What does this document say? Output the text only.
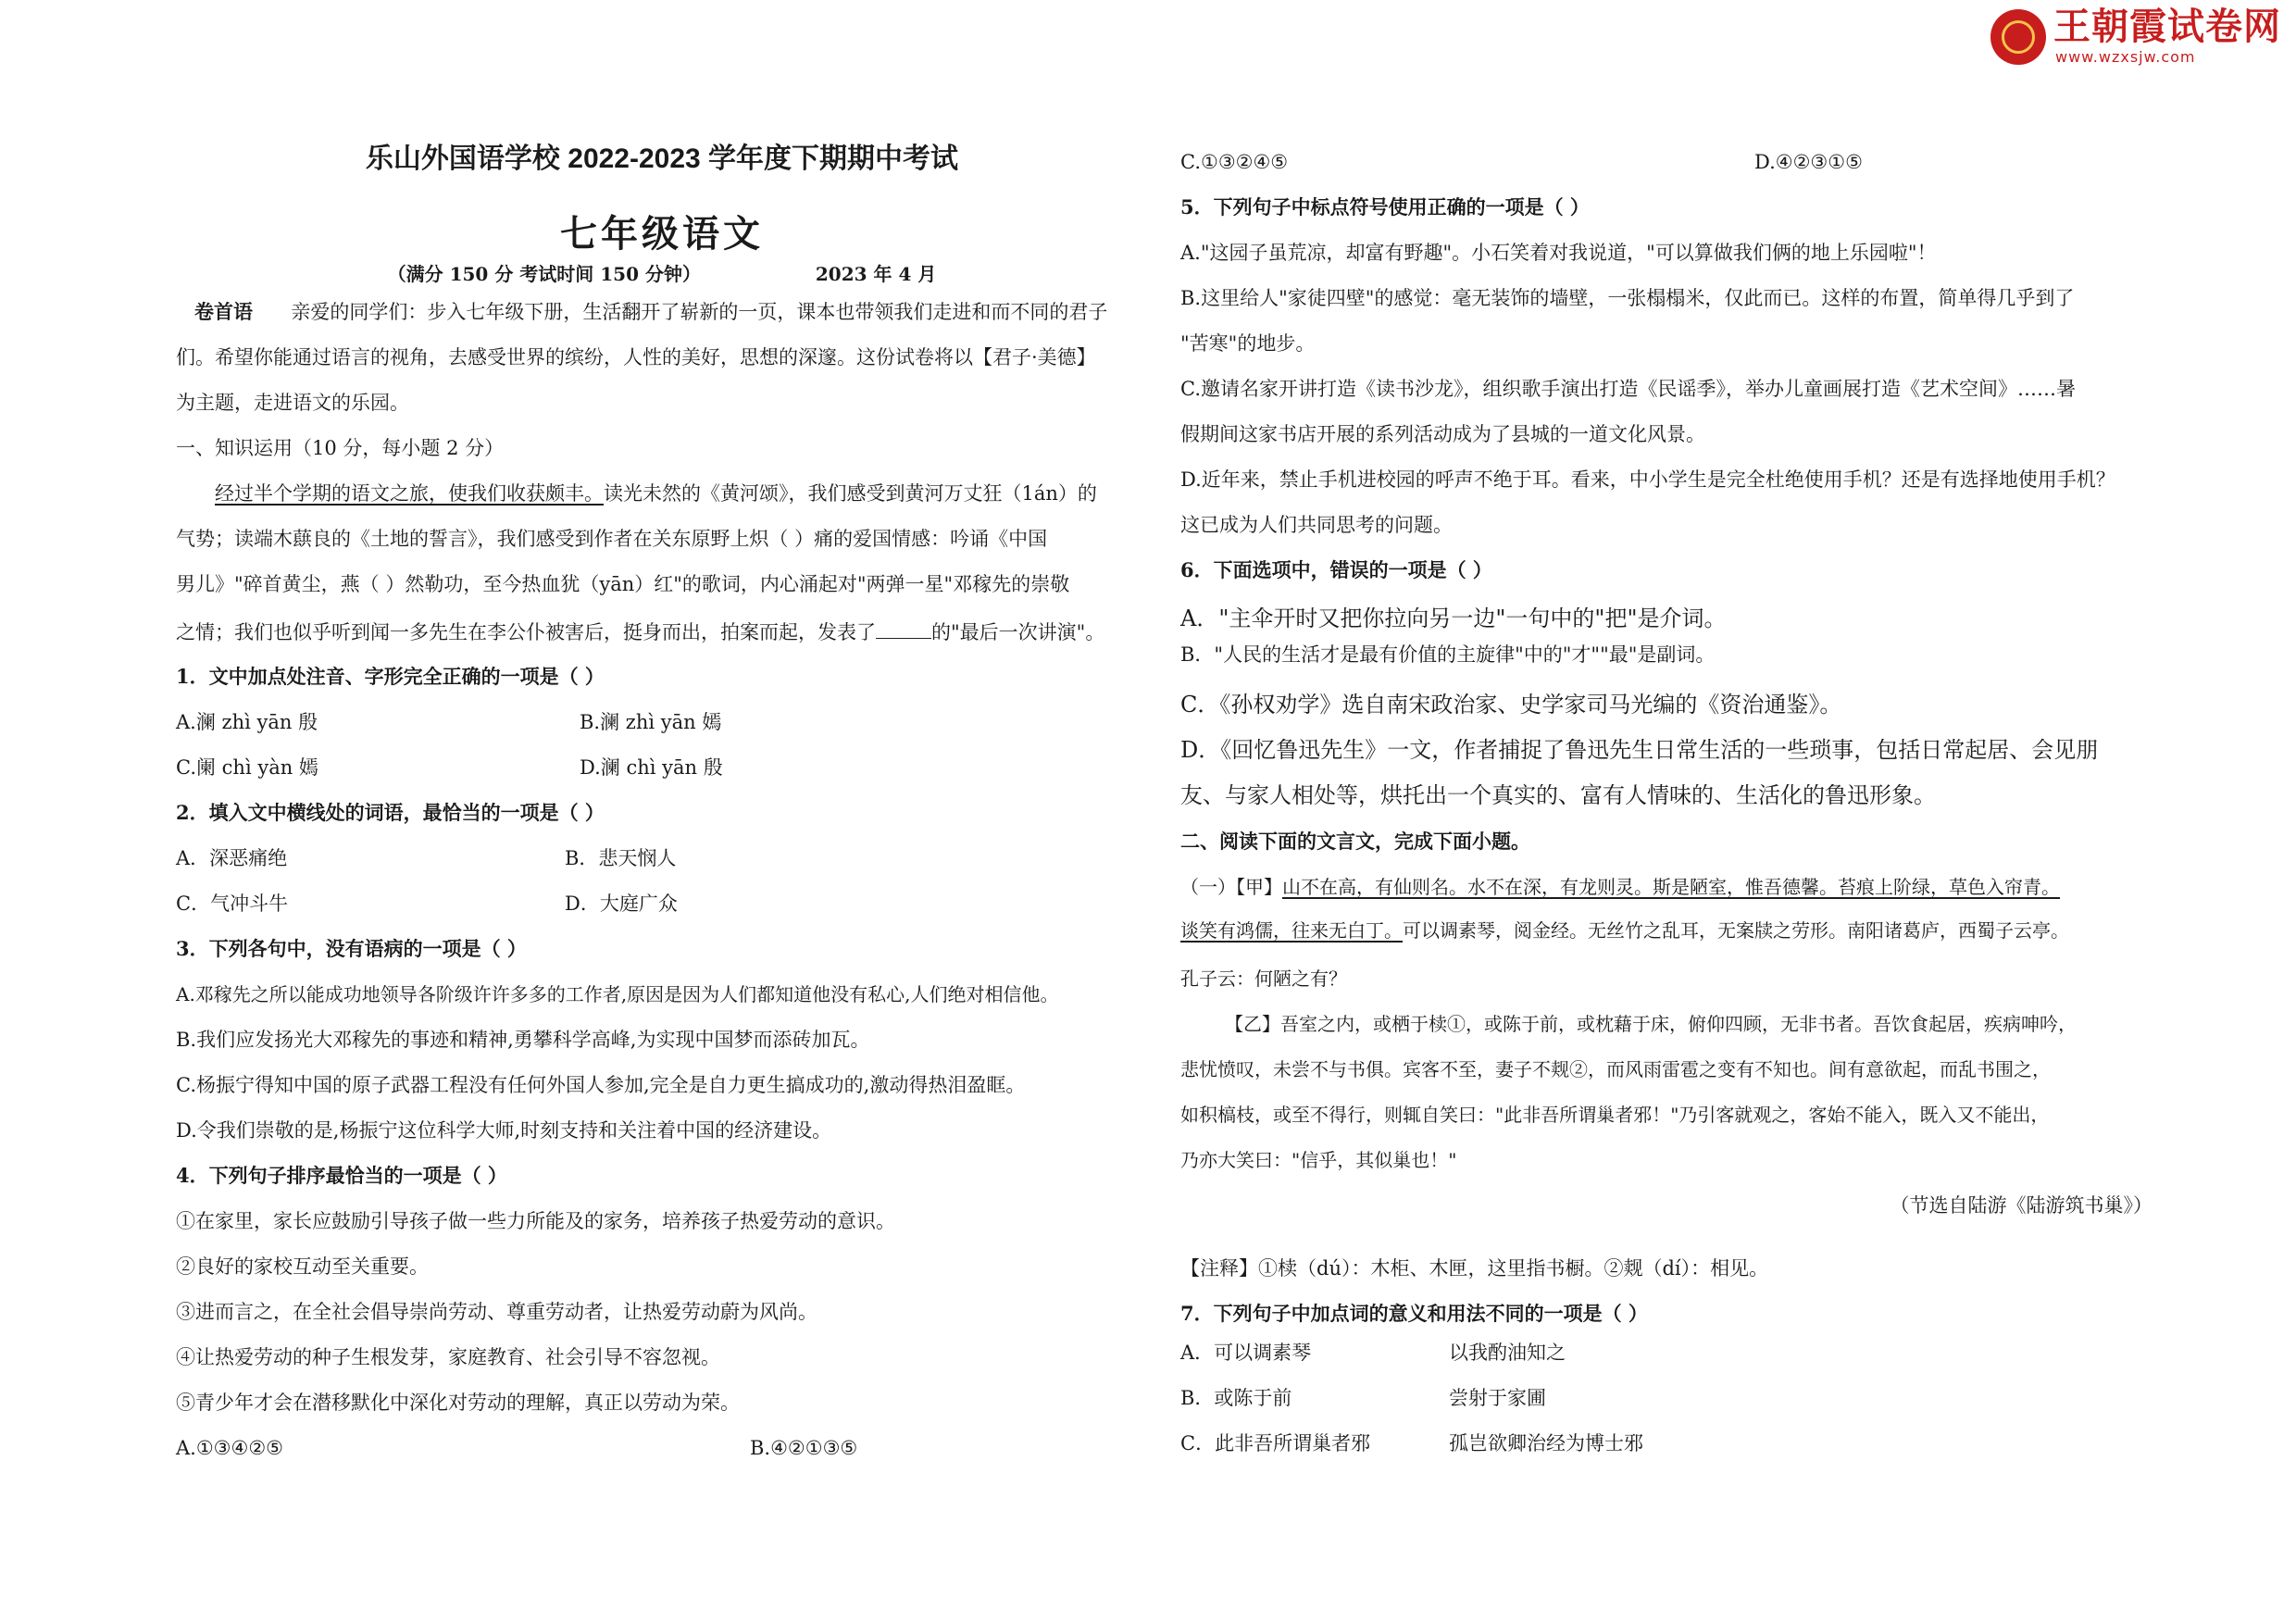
王朝霞试卷网
www.wzxsjw.com
乐山外国语学校 2022-2023 学年度下期期中考试
七年级语文
（满分 150 分 考试时间 150 分钟）	2023 年 4 月
卷首语 亲爱的同学们：步入七年级下册，生活翻开了崭新的一页，课本也带领我们走进和而不同的君子
们。希望你能通过语言的视角，去感受世界的缤纷，人性的美好，思想的深邃。这份试卷将以【君子·美德】
为主题，走进语文的乐园。
一、知识运用（10 分，每小题 2 分）
经过半个学期的语文之旅，使我们收获颇丰。读光未然的《黄河颂》，我们感受到黄河万丈狂（1án）的
气势；读端木蕻良的《土地的誓言》，我们感受到作者在关东原野上炽（ ）痛的爱国情感：吟诵《中国
男儿》"碎首黄尘，燕（ ）然勒功，至今热血犹（yān）红"的歌词，内心涌起对"两弹一星"邓稼先的崇敬
之情；我们也似乎听到闻一多先生在李公仆被害后，挺身而出，拍案而起，发表了	的"最后一次讲演"。
1．文中加点处注音、字形完全正确的一项是（ ）
A.澜 zhì yān 殷	B.澜 zhì yān 嫣
C.阑 chì yàn 嫣	D.澜 chì yān 殷
2．填入文中横线处的词语，最恰当的一项是（ ）
A．深恶痛绝	B．悲天悯人
C．气冲斗牛	D．大庭广众
3．下列各句中，没有语病的一项是（ ）
A.邓稼先之所以能成功地领导各阶级许许多多的工作者,原因是因为人们都知道他没有私心,人们绝对相信他。
B.我们应发扬光大邓稼先的事迹和精神,勇攀科学高峰,为实现中国梦而添砖加瓦。
C.杨振宁得知中国的原子武器工程没有任何外国人参加,完全是自力更生搞成功的,激动得热泪盈眶。
D.令我们崇敬的是,杨振宁这位科学大师,时刻支持和关注着中国的经济建设。
4．下列句子排序最恰当的一项是（ ）
①在家里，家长应鼓励引导孩子做一些力所能及的家务，培养孩子热爱劳动的意识。
②良好的家校互动至关重要。
③进而言之，在全社会倡导崇尚劳动、尊重劳动者，让热爱劳动蔚为风尚。
④让热爱劳动的种子生根发芽，家庭教育、社会引导不容忽视。
⑤青少年才会在潜移默化中深化对劳动的理解，真正以劳动为荣。
A.①③④②⑤	B.④②①③⑤
C.①③②④⑤	D.④②③①⑤
5．下列句子中标点符号使用正确的一项是（ ）
A."这园子虽荒凉，却富有野趣"。小石笑着对我说道，"可以算做我们俩的地上乐园啦"！
B.这里给人"家徒四壁"的感觉：毫无装饰的墙壁，一张榻榻米，仅此而已。这样的布置，简单得几乎到了
"苦寒"的地步。
C.邀请名家开讲打造《读书沙龙》，组织歌手演出打造《民谣季》，举办儿童画展打造《艺术空间》……暑
假期间这家书店开展的系列活动成为了县城的一道文化风景。
D.近年来，禁止手机进校园的呼声不绝于耳。看来，中小学生是完全杜绝使用手机？还是有选择地使用手机？
这已成为人们共同思考的问题。
6．下面选项中，错误的一项是（ ）
A．"主伞开时又把你拉向另一边"一句中的"把"是介词。
B．"人民的生活才是最有价值的主旋律"中的"才""最"是副词。
C．《孙权劝学》选自南宋政治家、史学家司马光编的《资治通鉴》。
D．《回忆鲁迅先生》一文，作者捕捉了鲁迅先生日常生活的一些琐事，包括日常起居、会见朋
友、与家人相处等，烘托出一个真实的、富有人情味的、生活化的鲁迅形象。
二、阅读下面的文言文，完成下面小题。
（一）【甲】山不在高，有仙则名。水不在深，有龙则灵。斯是陋室，惟吾德馨。苔痕上阶绿，草色入帘青。
谈笑有鸿儒，往来无白丁。可以调素琴，阅金经。无丝竹之乱耳，无案牍之劳形。南阳诸葛庐，西蜀子云亭。
孔子云：何陋之有？
【乙】吾室之内，或栖于椟①，或陈于前，或枕藉于床，俯仰四顾，无非书者。吾饮食起居，疾病呻吟，
悲忧愤叹，未尝不与书俱。宾客不至，妻子不觌②，而风雨雷雹之变有不知也。间有意欲起，而乱书围之，
如积槁枝，或至不得行，则辄自笑曰："此非吾所谓巢者邪！"乃引客就观之，客始不能入，既入又不能出，
乃亦大笑曰："信乎，其似巢也！"
（节选自陆游《陆游筑书巢》）
【注释】①椟（dú）：木柜、木匣，这里指书橱。②觌（dí）：相见。
7．下列句子中加点词的意义和用法不同的一项是（ ）
A．可以调素琴	以我酌油知之
B．或陈于前	尝射于家圃
C．此非吾所谓巢者邪	孤岂欲卿治经为博士邪
